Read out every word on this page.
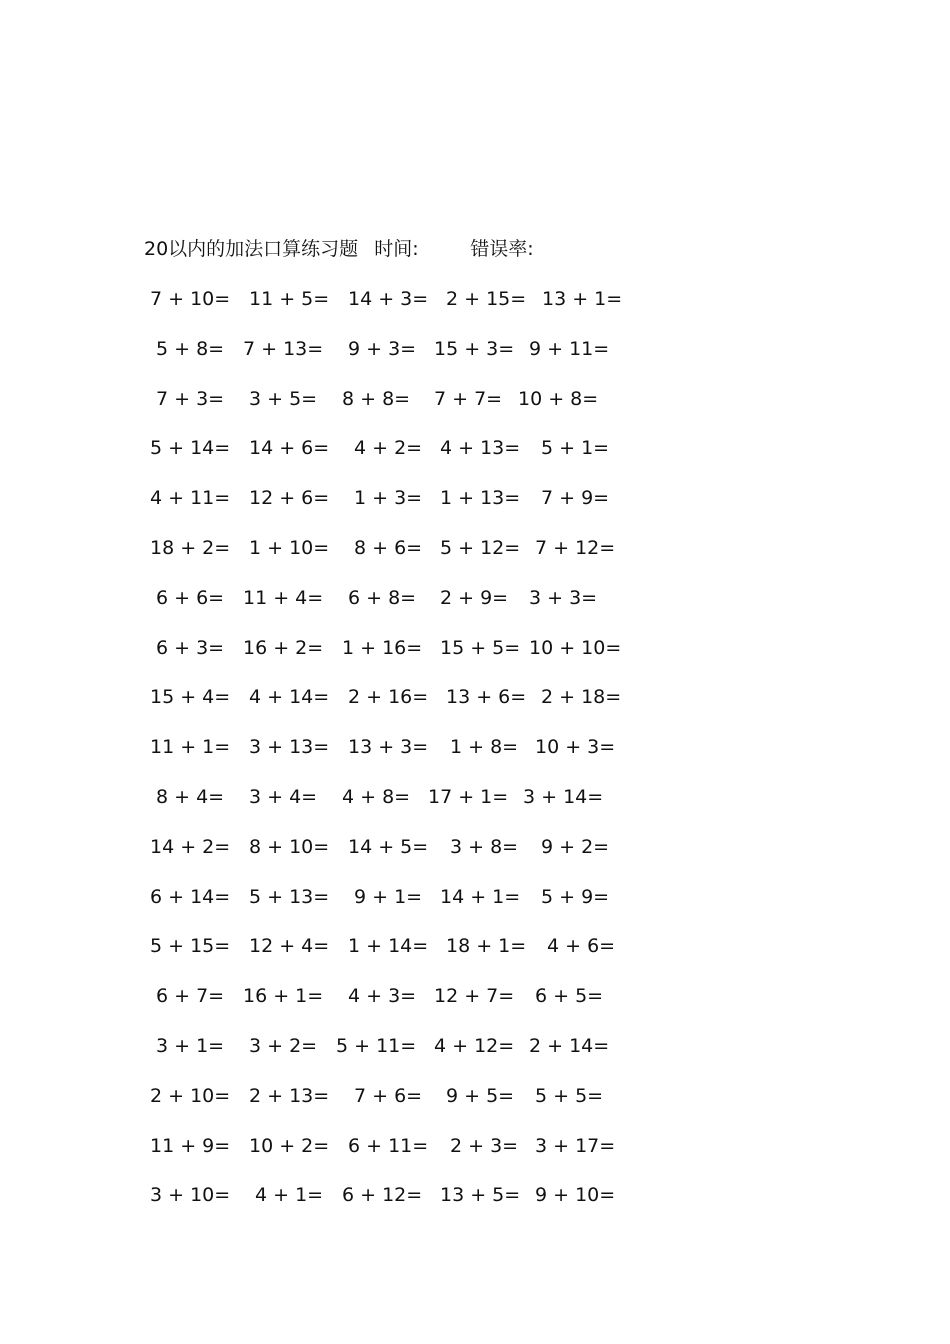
20以内的加法口算练习题 时间:	错误率:
7 + 10= 11 + 5= 14 + 3= 2 + 15= 13 + 1=
5 + 8= 7 + 13= 9 + 3= 15 + 3= 9 + 11=
7 + 3= 3 + 5= 8 + 8= 7 + 7= 10 + 8=
5 + 14= 14 + 6= 4 + 2= 4 + 13= 5 + 1=
4 + 11= 12 + 6= 1 + 3= 1 + 13= 7 + 9=
18 + 2= 1 + 10= 8 + 6= 5 + 12= 7 + 12=
6 + 6= 11 + 4= 6 + 8= 2 + 9= 3 + 3=
6 + 3= 16 + 2= 1 + 16= 15 + 5= 10 + 10=
15 + 4= 4 + 14= 2 + 16= 13 + 6= 2 + 18=
11 + 1= 3 + 13= 13 + 3= 1 + 8= 10 + 3=
8 + 4= 3 + 4= 4 + 8= 17 + 1= 3 + 14=
14 + 2= 8 + 10= 14 + 5= 3 + 8= 9 + 2=
6 + 14= 5 + 13= 9 + 1= 14 + 1= 5 + 9=
5 + 15= 12 + 4= 1 + 14= 18 + 1= 4 + 6=
6 + 7= 16 + 1= 4 + 3= 12 + 7= 6 + 5=
3 + 1= 3 + 2= 5 + 11= 4 + 12= 2 + 14=
2 + 10= 2 + 13= 7 + 6= 9 + 5= 5 + 5=
11 + 9= 10 + 2= 6 + 11= 2 + 3= 3 + 17=
3 + 10= 4 + 1= 6 + 12= 13 + 5= 9 + 10=
